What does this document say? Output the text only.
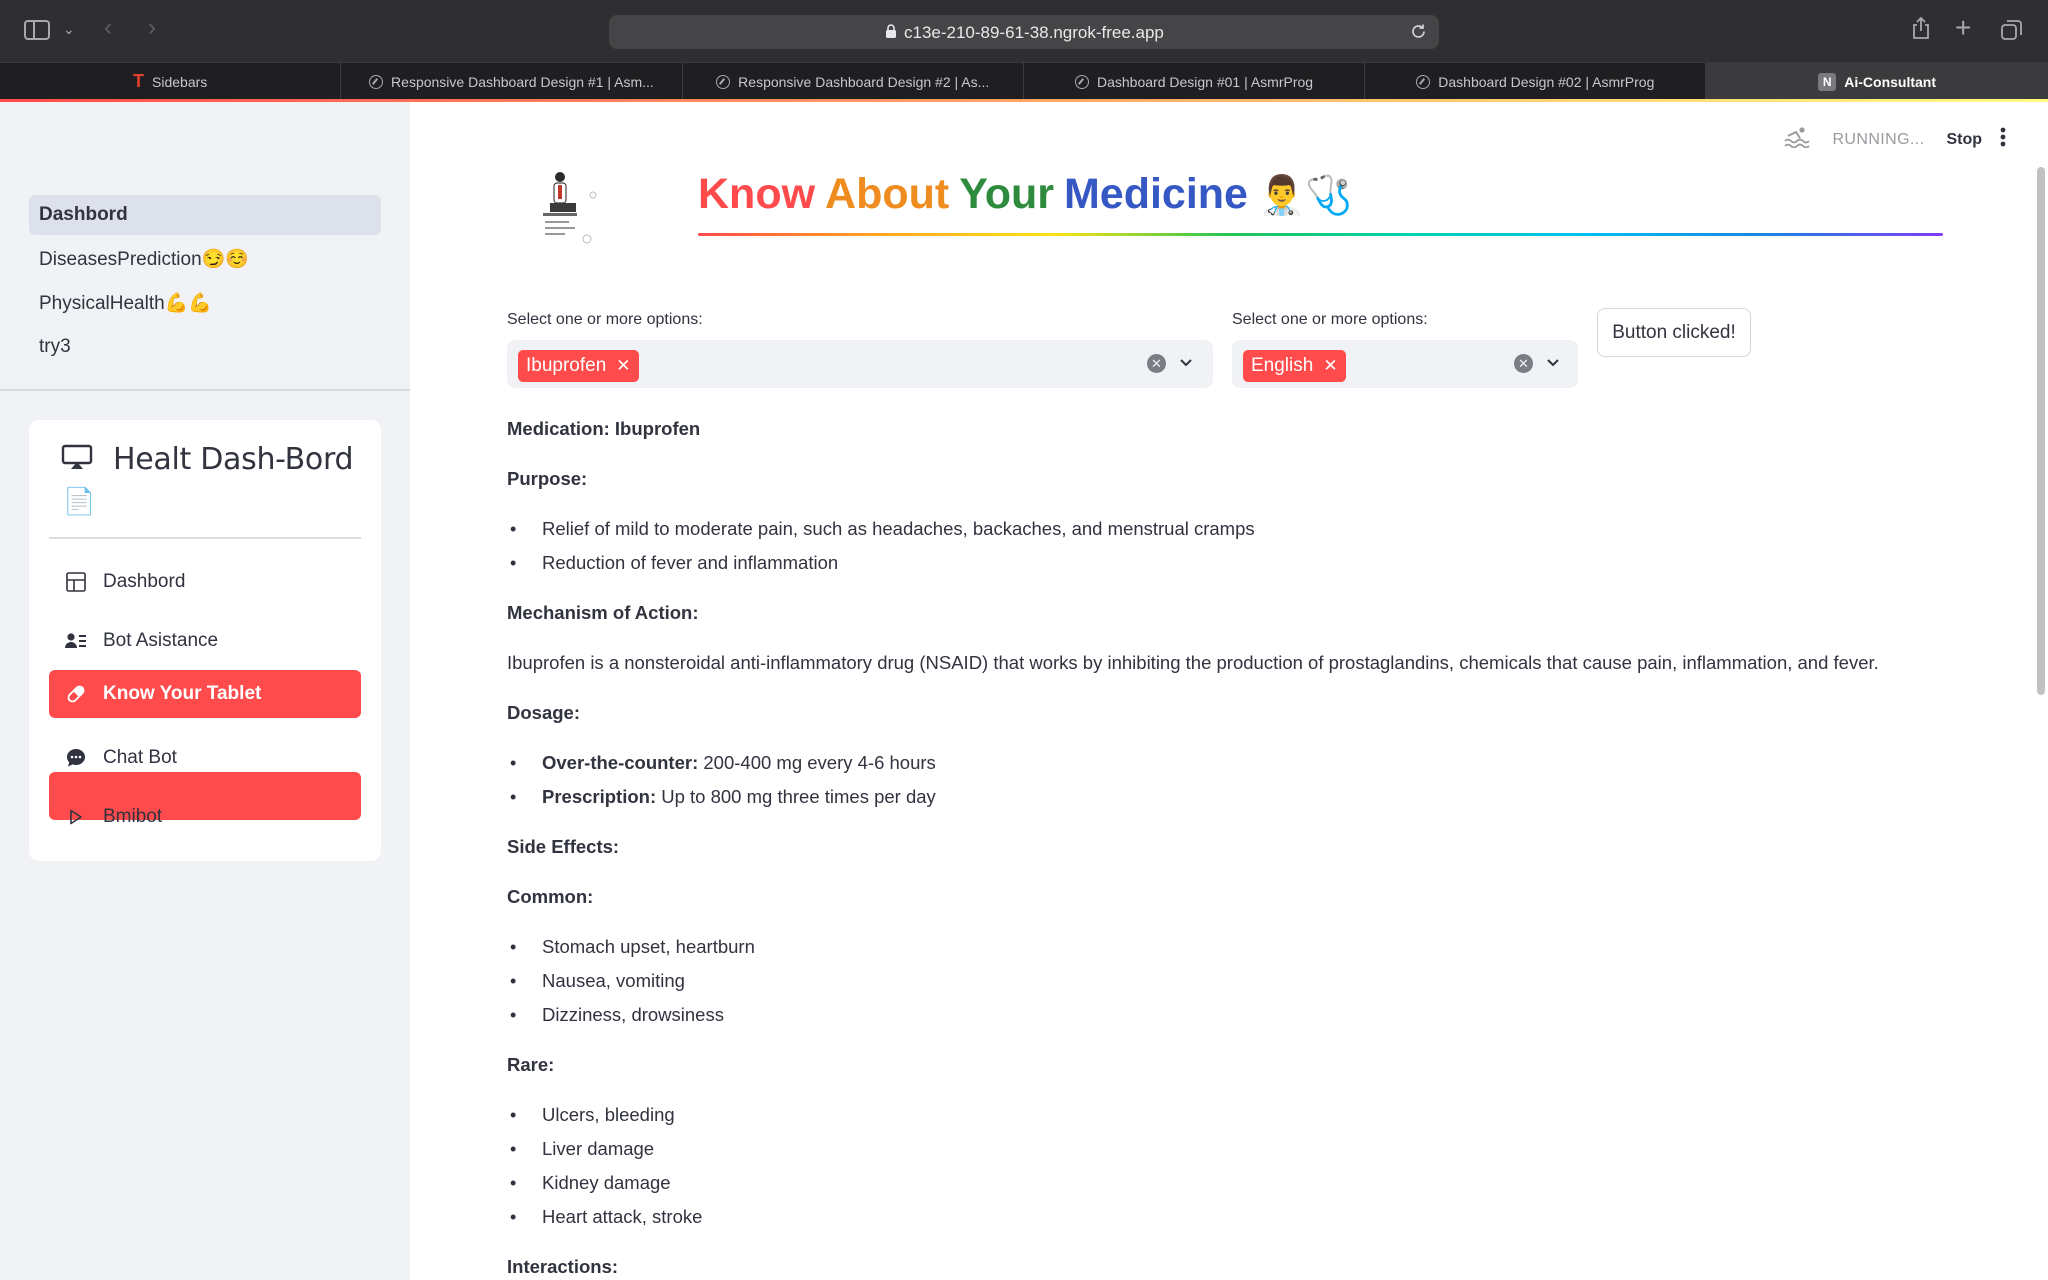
⌄ ‹ ›	c13e-210-89-61-38.ngrok-free.app	+
T Sidebars	Responsive Dashboard Design #1 | Asm...	Responsive Dashboard Design #2 | As...	Dashboard Design #01 | AsmrProg	Dashboard Design #02 | AsmrProg	N Ai-Consultant
Dashbord
DiseasesPrediction😏☺️
PhysicalHealth💪💪
try3
Healt Dash-Bord
📄
Dashbord
Bot Asistance
Chat Bot
Bmibot
Know Your Tablet
RUNNING... Stop
Know About Your Medicine 👨‍⚕️🩺
Select one or more options:
Ibuprofen ✕	✕
Select one or more options:
English ✕	✕
Button clicked!

Medication: Ibuprofen

Purpose:

• Relief of mild to moderate pain, such as headaches, backaches, and menstrual cramps
• Reduction of fever and inflammation

Mechanism of Action:

Ibuprofen is a nonsteroidal anti-inflammatory drug (NSAID) that works by inhibiting the production of prostaglandins, chemicals that cause pain, inflammation, and fever.

Dosage:

• Over-the-counter: 200-400 mg every 4-6 hours
• Prescription: Up to 800 mg three times per day

Side Effects:

Common:

• Stomach upset, heartburn
• Nausea, vomiting
• Dizziness, drowsiness

Rare:

• Ulcers, bleeding
• Liver damage
• Kidney damage
• Heart attack, stroke

Interactions:
